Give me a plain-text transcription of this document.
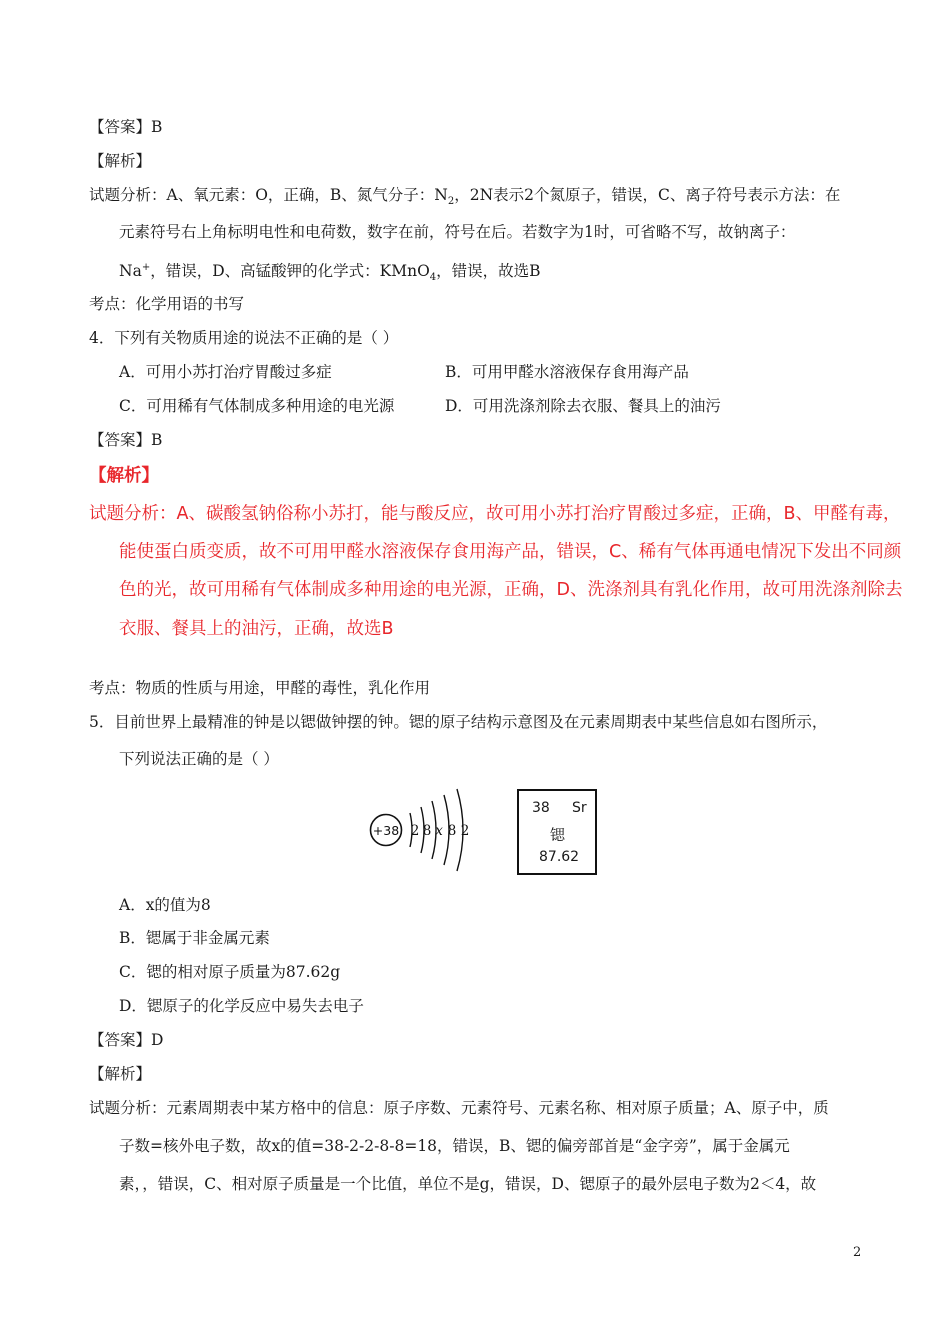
【答案】B
【解析】
试题分析：A、氧元素：O，正确，B、氮气分子：$N_2$，2N表示2个氮原子，错误，C、离子符号表示方法：在
元素符号右上角标明电性和电荷数，数字在前，符号在后。若数字为1时，可省略不写，故钠离子：
Na+，错误，D、高锰酸钾的化学式：KMnO$_4$，错误，故选B
考点：化学用语的书写
4．下列有关物质用途的说法不正确的是（ ）
A．可用小苏打治疗胃酸过多症	B．可用甲醛水溶液保存食用海产品
C．可用稀有气体制成多种用途的电光源	D．可用洗涤剂除去衣服、餐具上的油污
【答案】B
【解析】
试题分析：A、碳酸氢钠俗称小苏打，能与酸反应，故可用小苏打治疗胃酸过多症，正确，B、甲醛有毒，
能使蛋白质变质，故不可用甲醛水溶液保存食用海产品，错误，C、稀有气体再通电情况下发出不同颜
色的光，故可用稀有气体制成多种用途的电光源，正确，D、洗涤剂具有乳化作用，故可用洗涤剂除去
衣服、餐具上的油污，正确，故选B
考点：物质的性质与用途，甲醛的毒性，乳化作用
5．目前世界上最精准的钟是以锶做钟摆的钟。锶的原子结构示意图及在元素周期表中某些信息如右图所示，
下列说法正确的是（ ）
+38 2 8 x 8 2
38 Sr
锶
87.62
A．x的值为8
B．锶属于非金属元素
C．锶的相对原子质量为87.62g
D．锶原子的化学反应中易失去电子
【答案】D
【解析】
试题分析：元素周期表中某方格中的信息：原子序数、元素符号、元素名称、相对原子质量；A、原子中，质
子数=核外电子数，故x的值=38-2-2-8-8=18，错误，B、锶的偏旁部首是“金字旁”，属于金属元
素，，错误，C、相对原子质量是一个比值，单位不是g，错误，D、锶原子的最外层电子数为2＜4，故
2
